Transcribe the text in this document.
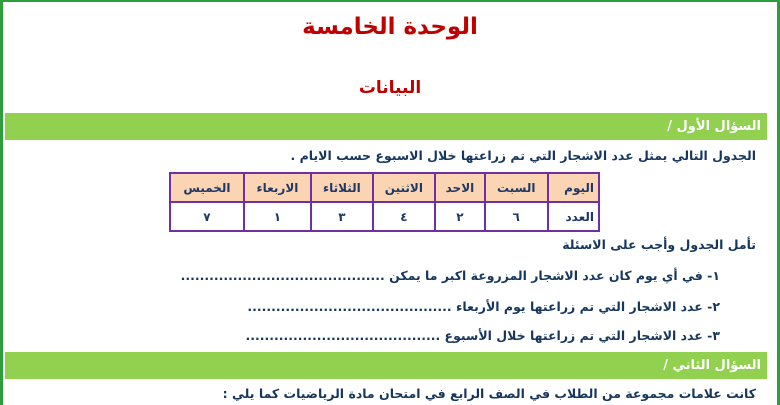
الوحدة الخامسة
البيانات
السؤال الأول /
الجدول التالي يمثل عدد الاشجار التي تم زراعتها خلال الاسبوع حسب الايام .
اليوم	السبت	الاحد	الاثنين	الثلاثاء	الاربعاء	الخميس
العدد	٦	٢	٤	٣	١	٧
تأمل الجدول وأجب على الاسئلة
١- في أي يوم كان عدد الاشجار المزروعة اكبر ما يمكن ...........................................
٢- عدد الاشجار التي تم زراعتها يوم الأربعاء ...........................................
٣- عدد الاشجار التي تم زراعتها خلال الأسبوع .........................................
السؤال الثاني /
كانت علامات مجموعة من الطلاب في الصف الرابع في امتحان مادة الرياضيات كما يلي :
